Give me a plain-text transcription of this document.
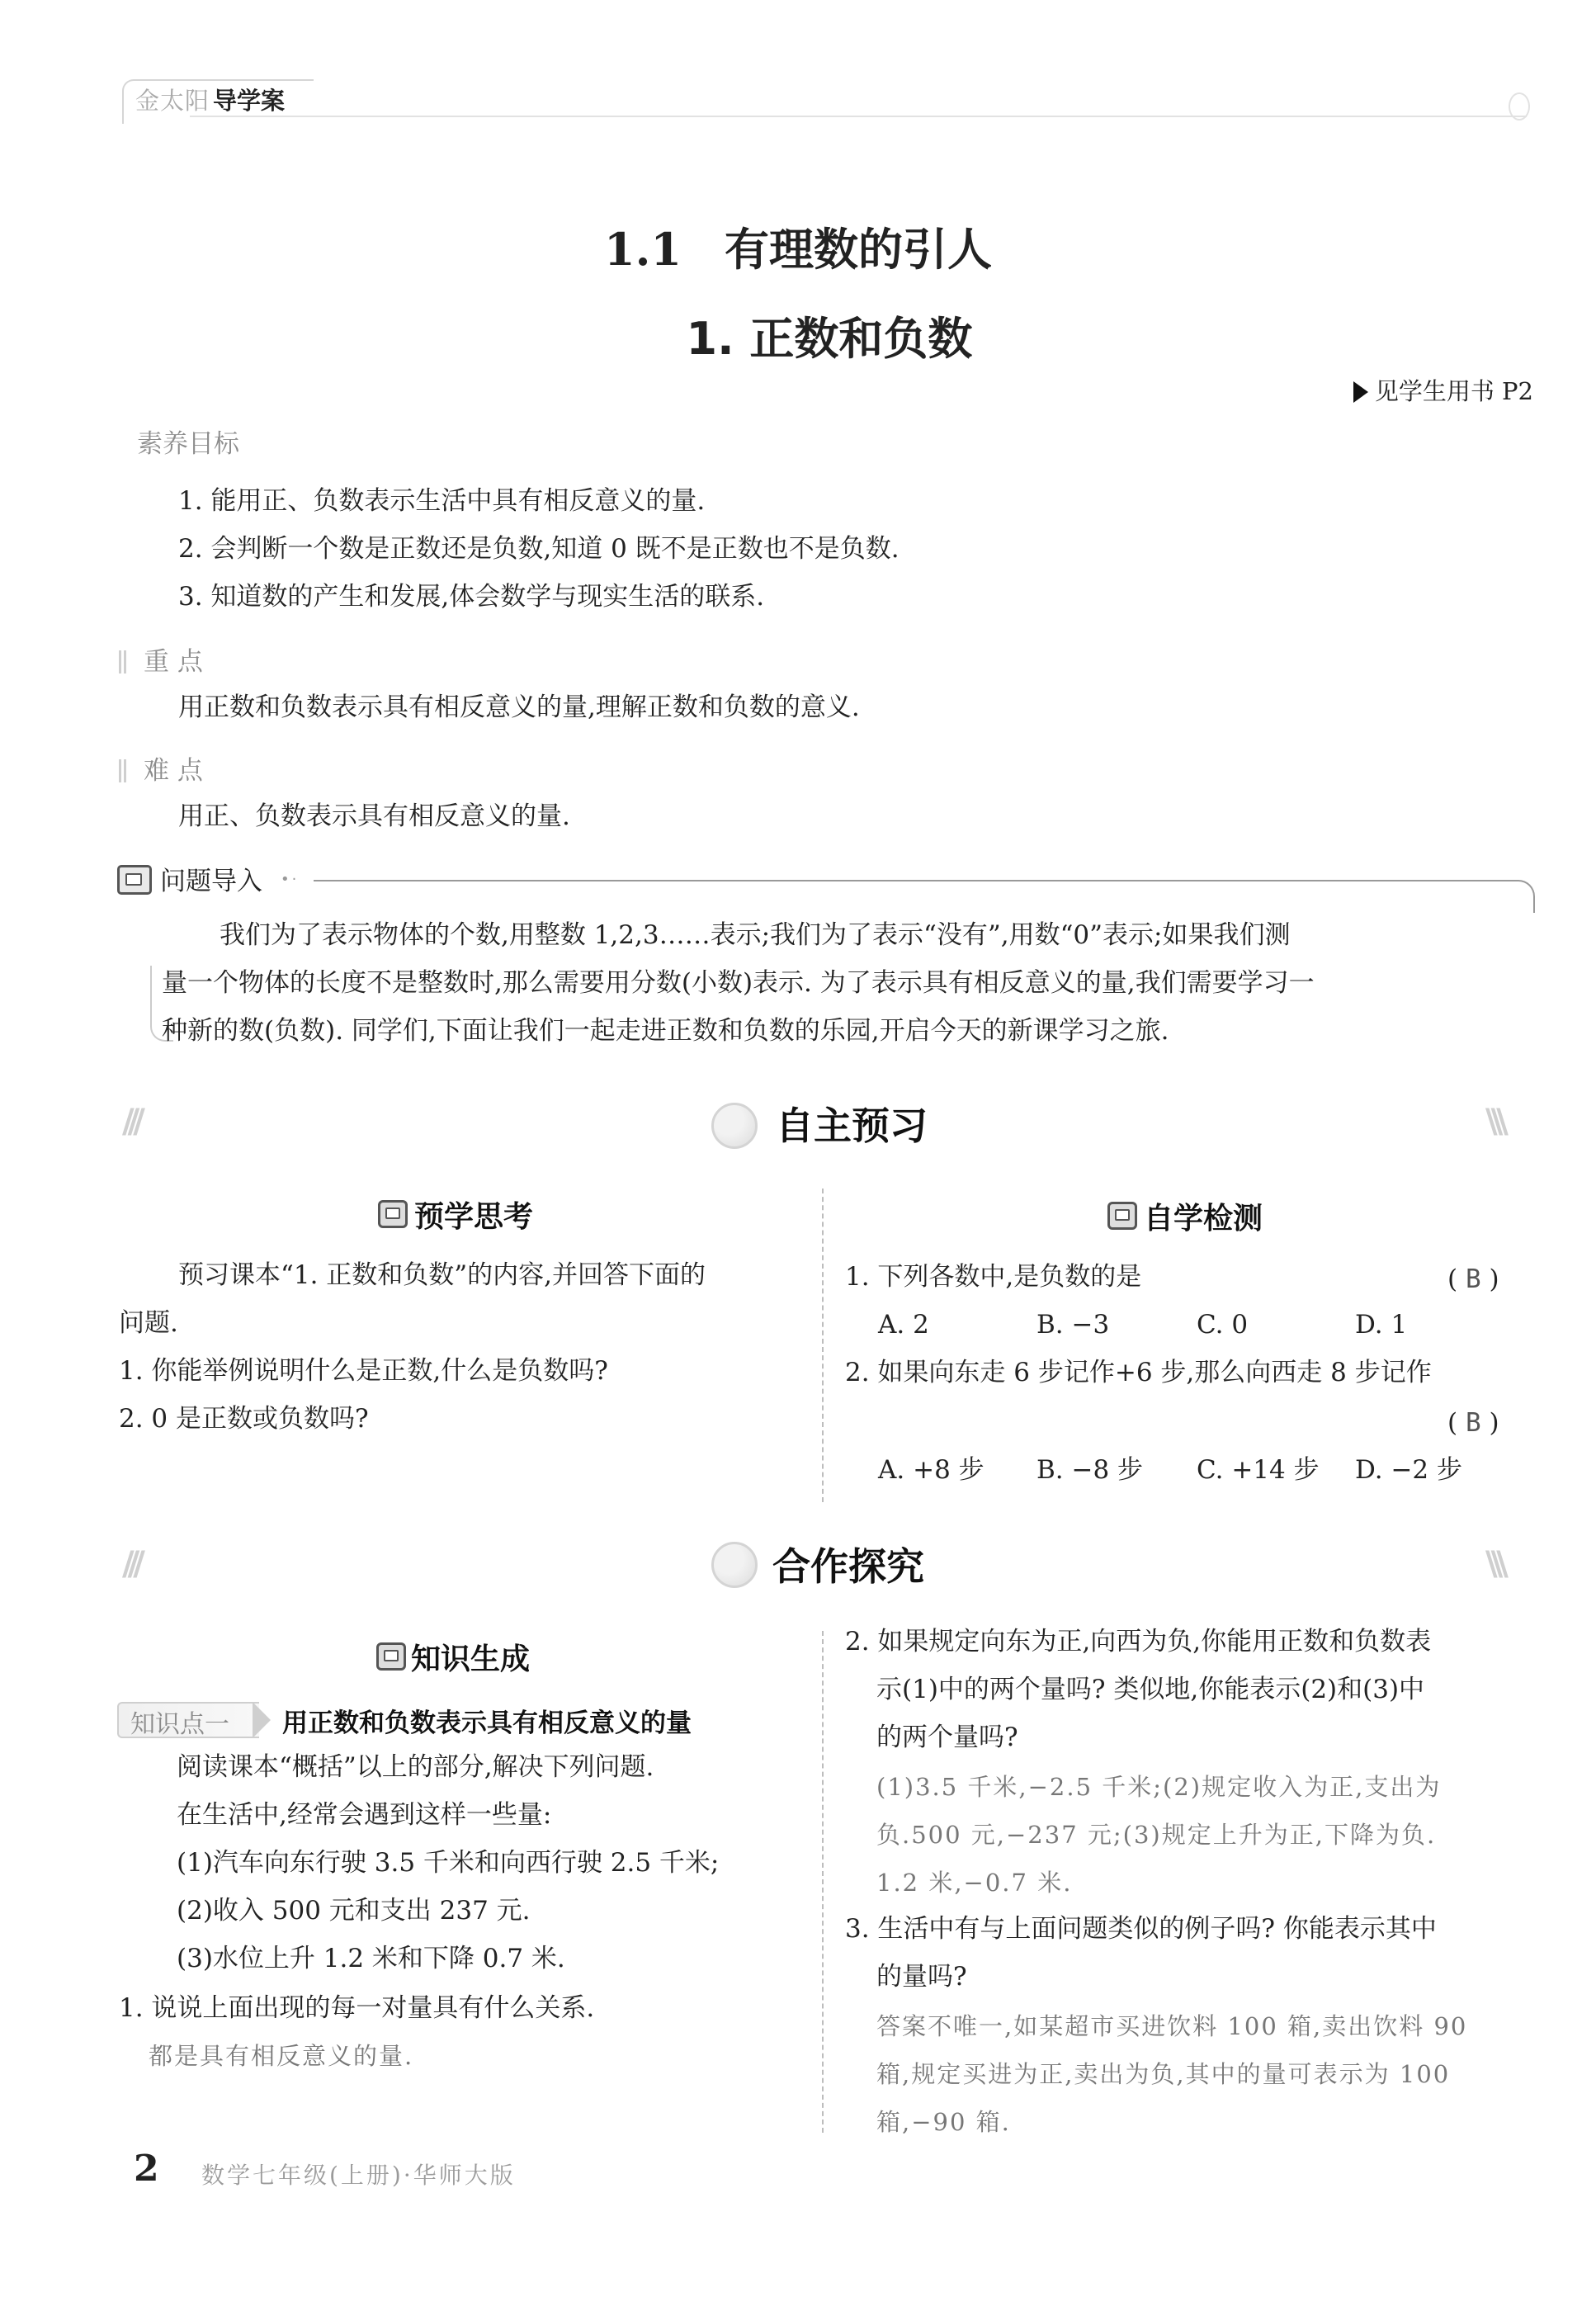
金太阳 导学案
1.1 有理数的引人
1. 正数和负数
见学生用书 P2
素养目标
1. 能用正、负数表示生活中具有相反意义的量.
2. 会判断一个数是正数还是负数,知道 0 既不是正数也不是负数.
3. 知道数的产生和发展,体会数学与现实生活的联系.
重 点
用正数和负数表示具有相反意义的量,理解正数和负数的意义.
难 点
用正、负数表示具有相反意义的量.
问题导入 •·
我们为了表示物体的个数,用整数 1,2,3……表示;我们为了表示“没有”,用数“0”表示;如果我们测
量一个物体的长度不是整数时,那么需要用分数(小数)表示. 为了表示具有相反意义的量,我们需要学习一
种新的数(负数). 同学们,下面让我们一起走进正数和负数的乐园,开启今天的新课学习之旅.
///	\\\
自主预习
预学思考
预习课本“1. 正数和负数”的内容,并回答下面的
问题.
1. 你能举例说明什么是正数,什么是负数吗?
2. 0 是正数或负数吗?
自学检测
1. 下列各数中,是负数的是	( B )
A. 2	B. −3	C. 0	D. 1
2. 如果向东走 6 步记作+6 步,那么向西走 8 步记作
( B )
A. +8 步 B. −8 步 C. +14 步 D. −2 步
///	\\\
合作探究
知识生成
知识点一 用正数和负数表示具有相反意义的量
阅读课本“概括”以上的部分,解决下列问题.
在生活中,经常会遇到这样一些量:
(1)汽车向东行驶 3.5 千米和向西行驶 2.5 千米;
(2)收入 500 元和支出 237 元.
(3)水位上升 1.2 米和下降 0.7 米.
1. 说说上面出现的每一对量具有什么关系.
都是具有相反意义的量.
2. 如果规定向东为正,向西为负,你能用正数和负数表
示(1)中的两个量吗? 类似地,你能表示(2)和(3)中
的两个量吗?
(1)3.5 千米,−2.5 千米;(2)规定收入为正,支出为
负.500 元,−237 元;(3)规定上升为正,下降为负.
1.2 米,−0.7 米.
3. 生活中有与上面问题类似的例子吗? 你能表示其中
的量吗?
答案不唯一,如某超市买进饮料 100 箱,卖出饮料 90
箱,规定买进为正,卖出为负,其中的量可表示为 100
箱,−90 箱.
2 数学七年级(上册)·华师大版
